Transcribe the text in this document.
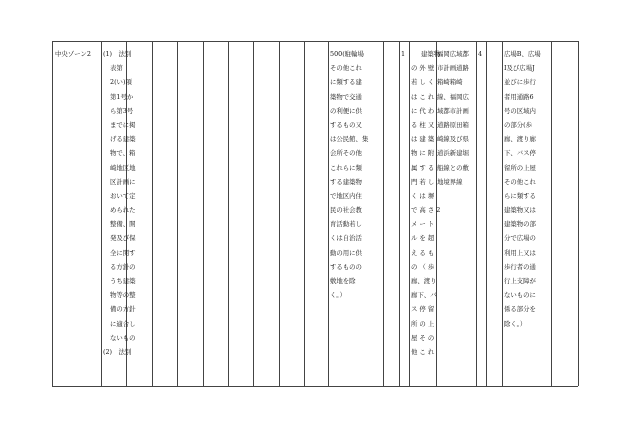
中央ゾーン2 (1)　法別
表第
2(い)項
第1号か
ら第3号
までに掲
げる建築
物で、箱
崎地区地
区計画に
おいて定
められた
整備、開
発及び保
全に関す
る方針の
うち建築
物等の整
備の方針
に適合し
ないもの
(2)　法別
500(駐輪場
その他これ
に類する建
築物で交通
の利便に供
するもの又
は公民館、集
会所その他
これらに類
する建築物
で地区内住
民の社会教
育活動若し
くは自治活
動の用に供
するものの
敷地を除
く。）
1	建築物
の 外 壁
若 し く
は こ れ
に 代 わ
る 柱 又
は 建 築
物 に 附
属 す る
門 若 し
く は 塀
で 高 さ 2
メ ー ト
ル を 超
え る も
の （ 歩
廊、渡り
廊下、バ
ス 停 留
所 の 上
屋 そ の
他 こ れ
福岡広域都
市計画道路
箱崎箱崎
線、福岡広
域都市計画
道路原田箱
崎線及び県
道浜新建堀
船線との敷
地境界線
4	広場B、広場
I及び広場J
並びに歩行
者用通路6
号の区域内
の部分(歩
廊、渡り廊
下、バス停
留所の上屋
その他これ
らに類する
建築物又は
建築物の部
分で広場の
利用上又は
歩行者の通
行上支障が
ないものに
係る部分を
除く。）
